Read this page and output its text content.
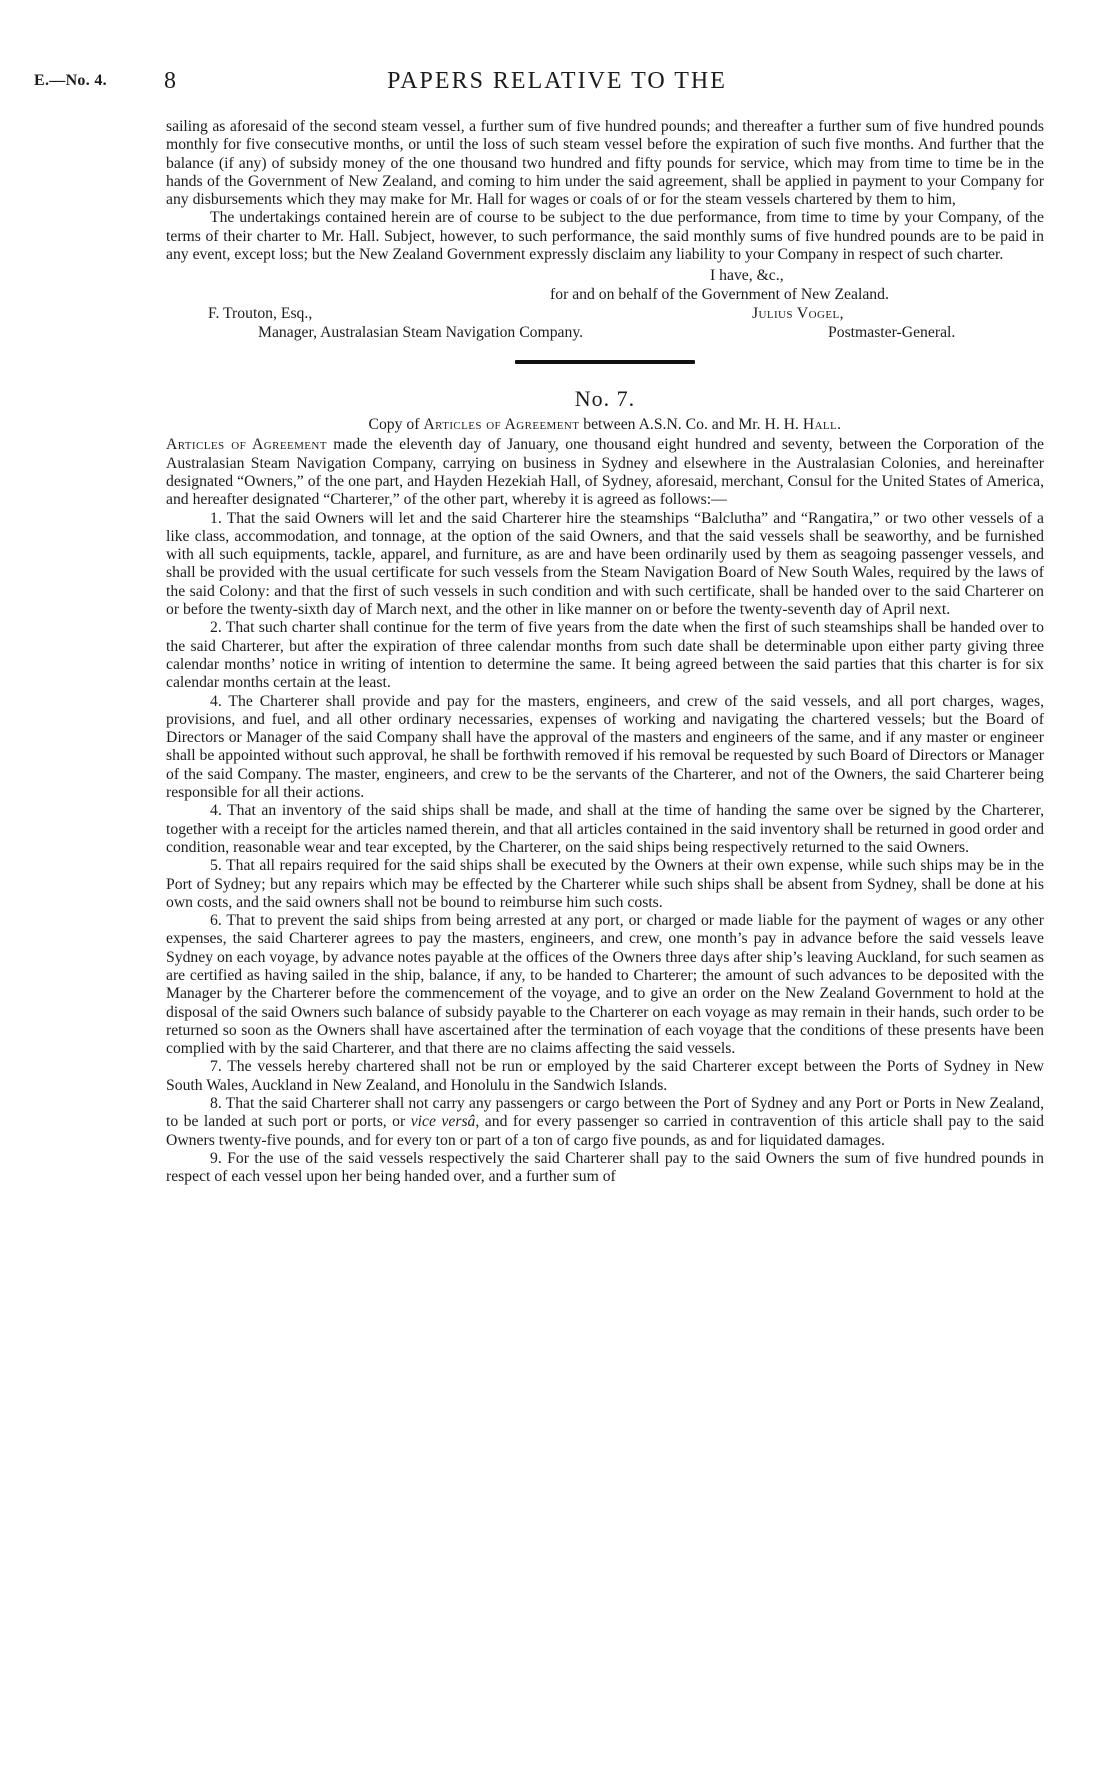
E.—No. 4. 8	PAPERS RELATIVE TO THE

sailing as aforesaid of the second steam vessel, a further sum of five hundred pounds; and thereafter a further sum of five hundred pounds monthly for five consecutive months, or until the loss of such steam vessel before the expiration of such five months. And further that the balance (if any) of subsidy money of the one thousand two hundred and fifty pounds for service, which may from time to time be in the hands of the Government of New Zealand, and coming to him under the said agreement, shall be applied in payment to your Company for any disbursements which they may make for Mr. Hall for wages or coals of or for the steam vessels chartered by them to him,

The undertakings contained herein are of course to be subject to the due performance, from time to time by your Company, of the terms of their charter to Mr. Hall. Subject, however, to such performance, the said monthly sums of five hundred pounds are to be paid in any event, except loss; but the New Zealand Government expressly disclaim any liability to your Company in respect of such charter.

I have, &c.,
for and on behalf of the Government of New Zealand.
F. Trouton, Esq.,	Julius Vogel,
Manager, Australasian Steam Navigation Company.	Postmaster-General.
No. 7.
Copy of Articles of Agreement between A.S.N. Co. and Mr. H. H. Hall.

Articles of Agreement made the eleventh day of January, one thousand eight hundred and seventy, between the Corporation of the Australasian Steam Navigation Company, carrying on business in Sydney and elsewhere in the Australasian Colonies, and hereinafter designated “Owners,” of the one part, and Hayden Hezekiah Hall, of Sydney, aforesaid, merchant, Consul for the United States of America, and hereafter designated “Charterer,” of the other part, whereby it is agreed as follows:—

1. That the said Owners will let and the said Charterer hire the steamships “Balclutha” and “Rangatira,” or two other vessels of a like class, accommodation, and tonnage, at the option of the said Owners, and that the said vessels shall be seaworthy, and be furnished with all such equipments, tackle, apparel, and furniture, as are and have been ordinarily used by them as seagoing passenger vessels, and shall be provided with the usual certificate for such vessels from the Steam Navigation Board of New South Wales, required by the laws of the said Colony: and that the first of such vessels in such condition and with such certificate, shall be handed over to the said Charterer on or before the twenty-sixth day of March next, and the other in like manner on or before the twenty-seventh day of April next.

2. That such charter shall continue for the term of five years from the date when the first of such steamships shall be handed over to the said Charterer, but after the expiration of three calendar months from such date shall be determinable upon either party giving three calendar months’ notice in writing of intention to determine the same. It being agreed between the said parties that this charter is for six calendar months certain at the least.

4. The Charterer shall provide and pay for the masters, engineers, and crew of the said vessels, and all port charges, wages, provisions, and fuel, and all other ordinary necessaries, expenses of working and navigating the chartered vessels; but the Board of Directors or Manager of the said Company shall have the approval of the masters and engineers of the same, and if any master or engineer shall be appointed without such approval, he shall be forthwith removed if his removal be requested by such Board of Directors or Manager of the said Company. The master, engineers, and crew to be the servants of the Charterer, and not of the Owners, the said Charterer being responsible for all their actions.

4. That an inventory of the said ships shall be made, and shall at the time of handing the same over be signed by the Charterer, together with a receipt for the articles named therein, and that all articles contained in the said inventory shall be returned in good order and condition, reasonable wear and tear excepted, by the Charterer, on the said ships being respectively returned to the said Owners.

5. That all repairs required for the said ships shall be executed by the Owners at their own expense, while such ships may be in the Port of Sydney; but any repairs which may be effected by the Charterer while such ships shall be absent from Sydney, shall be done at his own costs, and the said owners shall not be bound to reimburse him such costs.

6. That to prevent the said ships from being arrested at any port, or charged or made liable for the payment of wages or any other expenses, the said Charterer agrees to pay the masters, engineers, and crew, one month’s pay in advance before the said vessels leave Sydney on each voyage, by advance notes payable at the offices of the Owners three days after ship’s leaving Auckland, for such seamen as are certified as having sailed in the ship, balance, if any, to be handed to Charterer; the amount of such advances to be deposited with the Manager by the Charterer before the commencement of the voyage, and to give an order on the New Zealand Government to hold at the disposal of the said Owners such balance of subsidy payable to the Charterer on each voyage as may remain in their hands, such order to be returned so soon as the Owners shall have ascertained after the termination of each voyage that the conditions of these presents have been complied with by the said Charterer, and that there are no claims affecting the said vessels.

7. The vessels hereby chartered shall not be run or employed by the said Charterer except between the Ports of Sydney in New South Wales, Auckland in New Zealand, and Honolulu in the Sandwich Islands.

8. That the said Charterer shall not carry any passengers or cargo between the Port of Sydney and any Port or Ports in New Zealand, to be landed at such port or ports, or vice versâ, and for every passenger so carried in contravention of this article shall pay to the said Owners twenty-five pounds, and for every ton or part of a ton of cargo five pounds, as and for liquidated damages.

9. For the use of the said vessels respectively the said Charterer shall pay to the said Owners the sum of five hundred pounds in respect of each vessel upon her being handed over, and a further sum of
